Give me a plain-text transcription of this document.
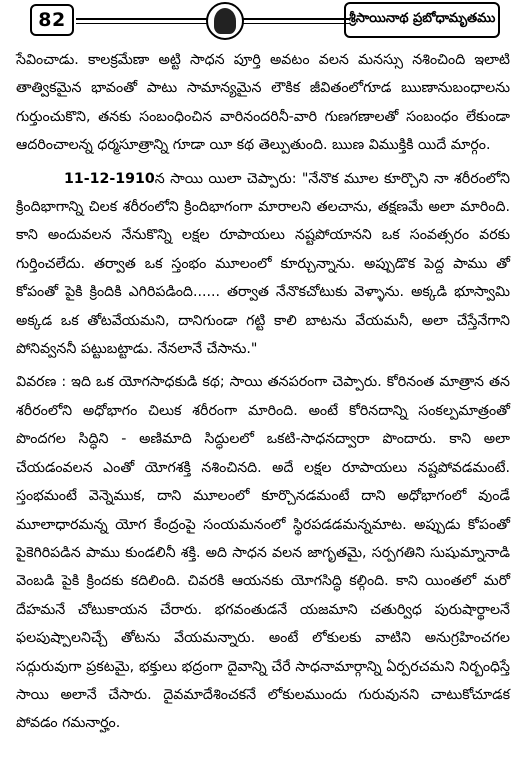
82	శ్రీసాయినాథ ప్రబోధామృతము

సేవించాడు. కాలక్రమేణా అట్టి సాధన పూర్తి అవటం వలన మనస్సు నశించింది ఇలాటి తాత్వికమైన భావంతో పాటు సామాన్యమైన లౌకిక జీవితంలోగూడ ఋణానుబంధాలను గుర్తుంచుకొని, తనకు సంబంధించిన వారినందరినీ-వారి గుణగణాలతో సంబంధం లేకుండా ఆదరించాలన్న ధర్మసూత్రాన్ని గూడా యీ కథ తెల్పుతుంది. ఋణ విముక్తికి యిదే మార్గం.

11-12-1910న సాయి యిలా చెప్పారు: "నేనొక మూల కూర్చొని నా శరీరంలోని క్రిందిభాగాన్ని చిలక శరీరంలోని క్రిందిభాగంగా మారాలని తలచాను, తక్షణమే అలా మారింది. కాని అందువలన నేనుకొన్ని లక్షల రూపాయలు నష్టపోయానని ఒక సంవత్సరం వరకు గుర్తించలేదు. తర్వాత ఒక స్తంభం మూలంలో కూర్చున్నాను. అప్పుడొక పెద్ద పాము తో కోపంతో పైకి క్రిందికి ఎగిరిపడింది...... తర్వాత నేనొకచోటుకు వెళ్ళాను. అక్కడి భూస్వామి అక్కడ ఒక తోటవేయమని, దానిగుండా గట్టి కాలి బాటను వేయమనీ, అలా చేస్తేనేగాని పోనివ్వననీ పట్టుబట్టాడు. నేనలానే చేసాను."

వివరణ : ఇది ఒక యోగసాధకుడి కథ; సాయి తనపరంగా చెప్పారు. కోరినంత మాత్రాన తన శరీరంలోని అధోభాగం చిలుక శరీరంగా మారింది. అంటే కోరినదాన్ని సంకల్పమాత్రంతో పొందగల సిద్ధిని - అణిమాది సిద్ధులలో ఒకటి-సాధనద్వారా పొందారు. కాని అలా చేయడంవలన ఎంతో యోగశక్తి నశించినది. అదే లక్షల రూపాయలు నష్టపోవడమంటే. స్తంభమంటే వెన్నెముక, దాని మూలంలో కూర్చొనడమంటే దాని అధోభాగంలో వుండే మూలాధారమన్న యోగ కేంద్రంపై సంయమనంలో స్థిరపడడమన్నమాట. అప్పుడు కోపంతో పైకెగిరిపడిన పాము కుండలినీ శక్తి. అది సాధన వలన జాగృతమై, సర్పగతిని సుషుమ్నానాడి వెంబడి పైకి క్రిందకు కదిలింది. చివరకి ఆయనకు యోగసిద్ధి కల్గింది. కాని యింతలో మరో దేహమనే చోటుకాయన చేరారు. భగవంతుడనే యజమాని చతుర్విధ పురుషార్థాలనే ఫలపుష్పాలనిచ్చే తోటను వేయమన్నారు. అంటే లోకులకు వాటిని అనుగ్రహించగల సద్గురువుగా ప్రకటమై, భక్తులు భద్రంగా దైవాన్ని చేరే సాధనామార్గాన్ని ఏర్పరచమని నిర్బంధిస్తే సాయి అలానే చేసారు. దైవమాదేశించకనే లోకులముందు గురువునని చాటుకోచూడక పోవడం గమనార్హం.
